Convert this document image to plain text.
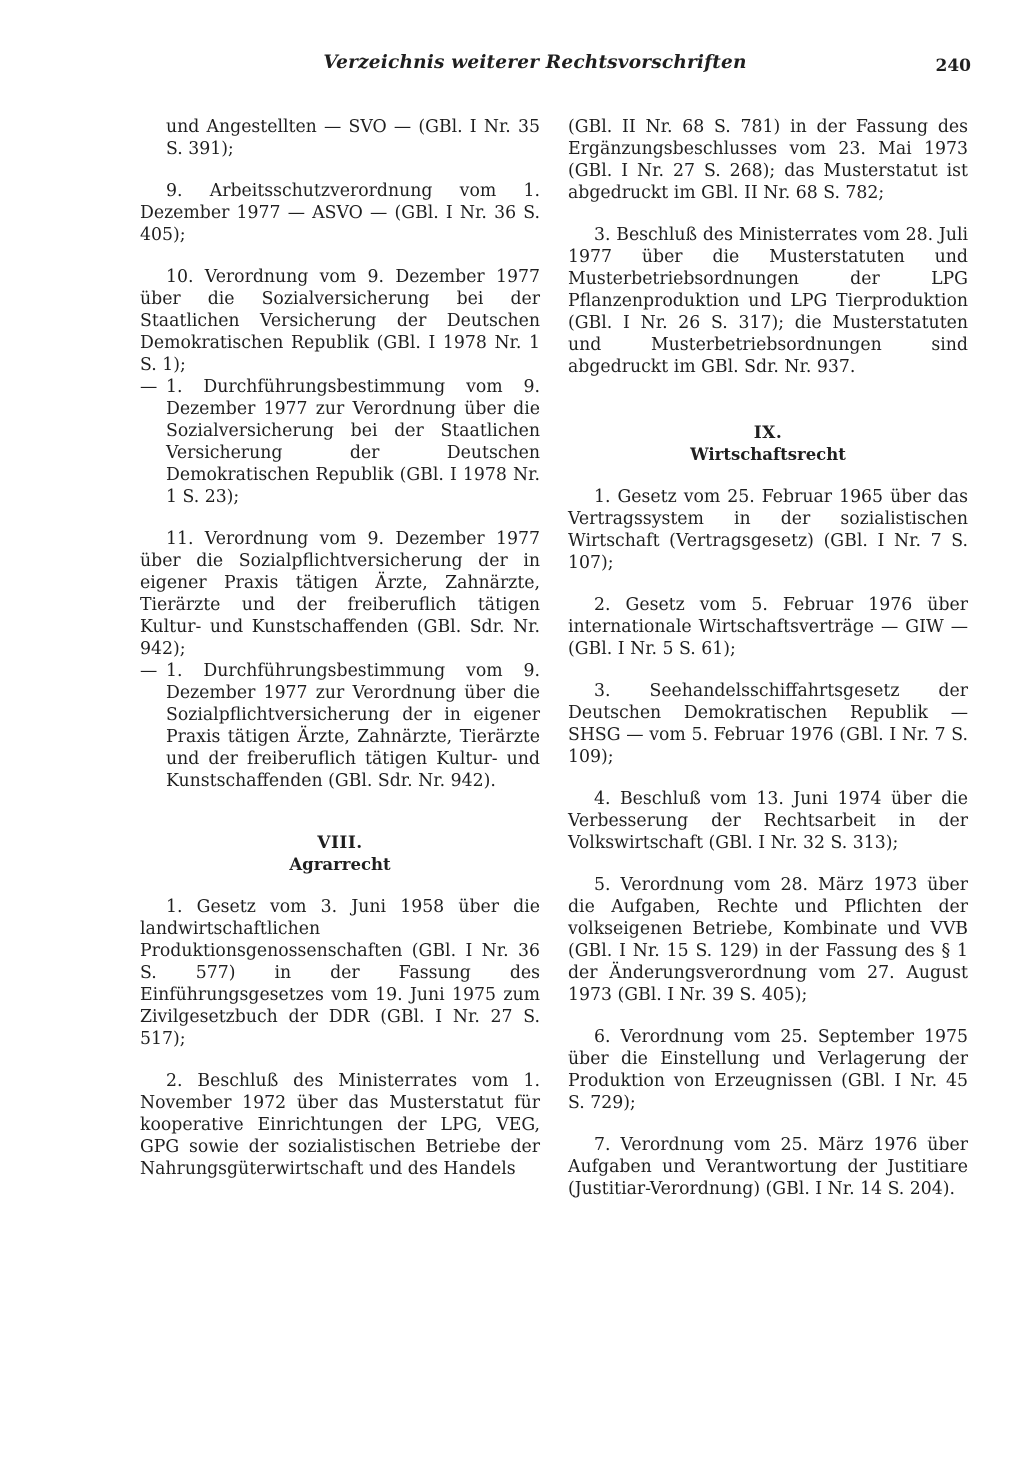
Verzeichnis weiterer Rechtsvorschriften	240

und Angestellten — SVO — (GBl. I Nr. 35 S. 391);

9. Arbeitsschutzverordnung vom 1. Dezember 1977 — ASVO — (GBl. I Nr. 36 S. 405);

10. Verordnung vom 9. Dezember 1977 über die Sozialversicherung bei der Staatlichen Versicherung der Deutschen Demokratischen Republik (GBl. I 1978 Nr. 1 S. 1);

— 1. Durchführungsbestimmung vom 9. Dezember 1977 zur Verordnung über die Sozialversicherung bei der Staatlichen Versicherung der Deutschen Demokratischen Republik (GBl. I 1978 Nr. 1 S. 23);

11. Verordnung vom 9. Dezember 1977 über die Sozialpflichtversicherung der in eigener Praxis tätigen Ärzte, Zahnärzte, Tierärzte und der freiberuflich tätigen Kultur- und Kunstschaffenden (GBl. Sdr. Nr. 942);

— 1. Durchführungsbestimmung vom 9. Dezember 1977 zur Verordnung über die Sozialpflichtversicherung der in eigener Praxis tätigen Ärzte, Zahnärzte, Tierärzte und der freiberuflich tätigen Kultur- und Kunstschaffenden (GBl. Sdr. Nr. 942).
VIII.
Agrarrecht

1. Gesetz vom 3. Juni 1958 über die landwirtschaftlichen Produktionsgenossenschaften (GBl. I Nr. 36 S. 577) in der Fassung des Einführungsgesetzes vom 19. Juni 1975 zum Zivilgesetzbuch der DDR (GBl. I Nr. 27 S. 517);

2. Beschluß des Ministerrates vom 1. November 1972 über das Musterstatut für kooperative Einrichtungen der LPG, VEG, GPG sowie der sozialistischen Betriebe der Nahrungsgüterwirtschaft und des Handels

(GBl. II Nr. 68 S. 781) in der Fassung des Ergänzungsbeschlusses vom 23. Mai 1973 (GBl. I Nr. 27 S. 268); das Musterstatut ist abgedruckt im GBl. II Nr. 68 S. 782;

3. Beschluß des Ministerrates vom 28. Juli 1977 über die Musterstatuten und Musterbetriebsordnungen der LPG Pflanzenproduktion und LPG Tierproduktion (GBl. I Nr. 26 S. 317); die Musterstatuten und Musterbetriebsordnungen sind abgedruckt im GBl. Sdr. Nr. 937.

IX.
Wirtschaftsrecht

1. Gesetz vom 25. Februar 1965 über das Vertragssystem in der sozialistischen Wirtschaft (Vertragsgesetz) (GBl. I Nr. 7 S. 107);

2. Gesetz vom 5. Februar 1976 über internationale Wirtschaftsverträge — GIW — (GBl. I Nr. 5 S. 61);

3. Seehandelsschiffahrtsgesetz der Deutschen Demokratischen Republik — SHSG — vom 5. Februar 1976 (GBl. I Nr. 7 S. 109);

4. Beschluß vom 13. Juni 1974 über die Verbesserung der Rechtsarbeit in der Volkswirtschaft (GBl. I Nr. 32 S. 313);

5. Verordnung vom 28. März 1973 über die Aufgaben, Rechte und Pflichten der volkseigenen Betriebe, Kombinate und VVB (GBl. I Nr. 15 S. 129) in der Fassung des § 1 der Änderungsverordnung vom 27. August 1973 (GBl. I Nr. 39 S. 405);

6. Verordnung vom 25. September 1975 über die Einstellung und Verlagerung der Produktion von Erzeugnissen (GBl. I Nr. 45 S. 729);

7. Verordnung vom 25. März 1976 über Aufgaben und Verantwortung der Justitiare (Justitiar-Verordnung) (GBl. I Nr. 14 S. 204).
